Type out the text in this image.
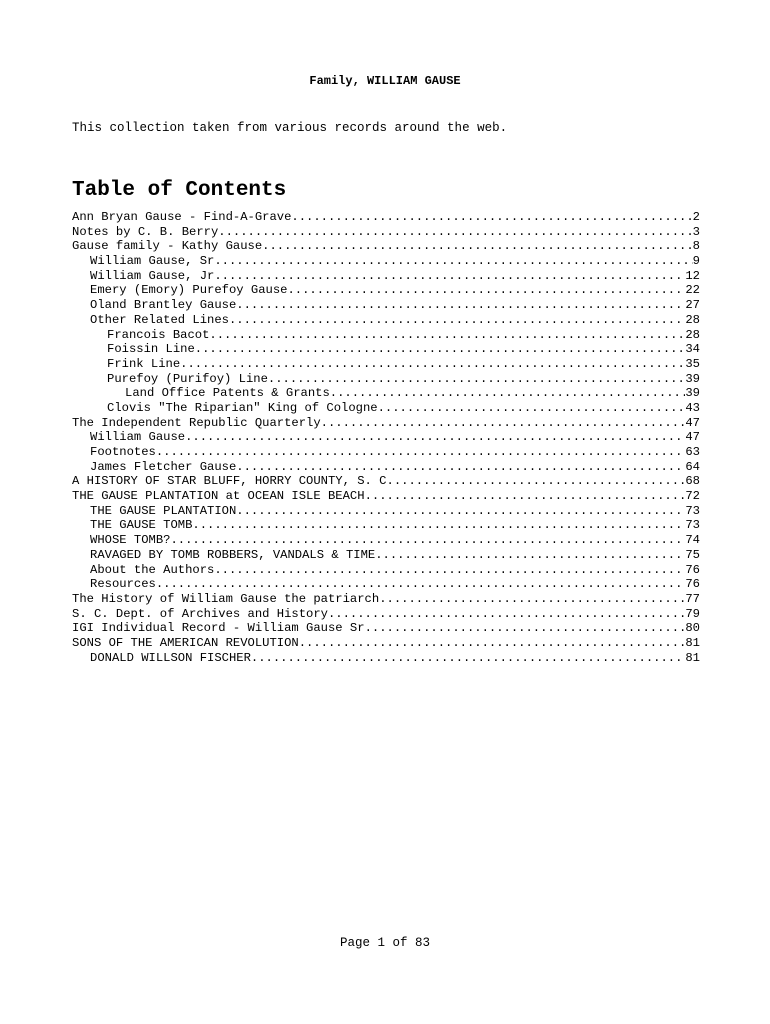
Family, WILLIAM GAUSE

This collection taken from various records around the web.

Table of Contents
Ann Bryan Gause - Find-A-Grave .....	2
Notes by C. B. Berry .....	3
Gause family - Kathy Gause .....	8
William Gause, Sr .....	9
William Gause, Jr .....	12
Emery (Emory) Purefoy Gause .....	22
Oland Brantley Gause .....	27
Other Related Lines .....	28
Francois Bacot .....	28
Foissin Line .....	34
Frink Line .....	35
Purefoy (Purifoy) Line .....	39
Land Office Patents & Grants .....	39
Clovis "The Riparian" King of Cologne .....	43
The Independent Republic Quarterly .....	47
William Gause .....	47
Footnotes .....	63
James Fletcher Gause .....	64
A HISTORY OF STAR BLUFF, HORRY COUNTY, S. C. .....	68
THE GAUSE PLANTATION at OCEAN ISLE BEACH .....	72
THE GAUSE PLANTATION .....	73
THE GAUSE TOMB .....	73
WHOSE TOMB? .....	74
RAVAGED BY TOMB ROBBERS, VANDALS & TIME .....	75
About the Authors .....	76
Resources .....	76
The History of William Gause the patriarch .....	77
S. C. Dept. of Archives and History .....	79
IGI Individual Record - William Gause Sr .....	80
SONS OF THE AMERICAN REVOLUTION .....	81
DONALD WILLSON FISCHER .....	81
Page 1 of 83
